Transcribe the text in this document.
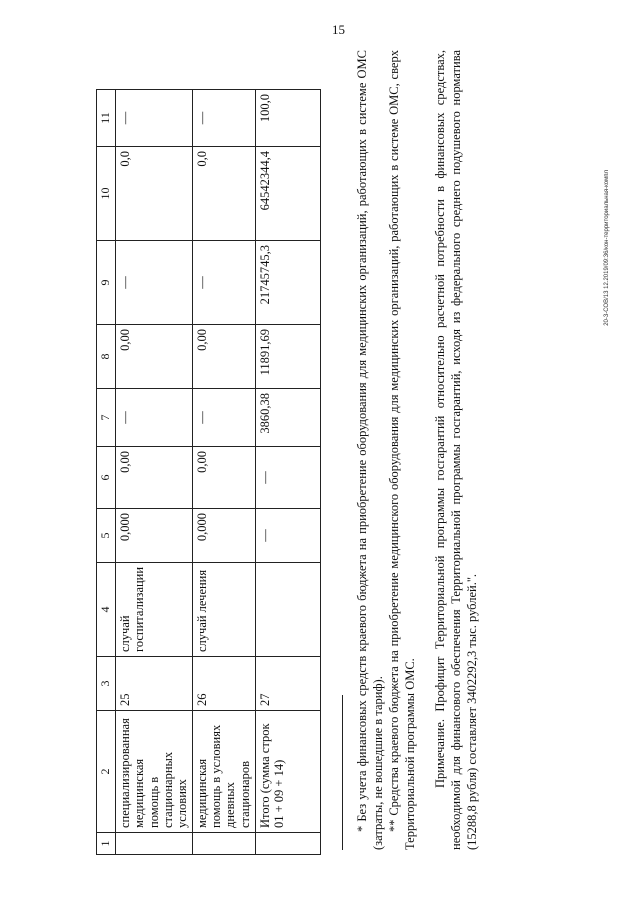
15
20-3-СОВ/13 12.2019/09:36/кон-территориальная-компл
1	2	3	4	5	6	7	8	9	10	11
	специализированная медицинская помощь в стационарных условиях	25	случай госпитализации	0,000	0,00	—	0,00	—	0,0	—
	медицинская помощь в условиях дневных стационаров	26	случай лечения	0,000	0,00	—	0,00	—	0,0	—
	Итого (сумма строк 01 + 09 + 14)	27		—	—	3860,38	11891,69	21745745,3	64542344,4	100,0	* Без учета финансовых средств краевого бюджета на приобретение оборудования для медицинских организаций, работающих в системе ОМС (затраты, не вошедшие в тариф). ** Средства краевого бюджета на приобретение медицинского оборудования для медицинских организаций, работающих в системе ОМС, сверх Территориальной программы ОМС. Примечание. Профицит Территориальной программы госгарантий относительно расчетной потребности в финансовых средствах, необходимой для финансового обеспечения Территориальной программы госгарантий, исходя из федерального среднего подушевого норматива (15288,8 рубля) составляет 3402292,3 тыс. рублей.".
